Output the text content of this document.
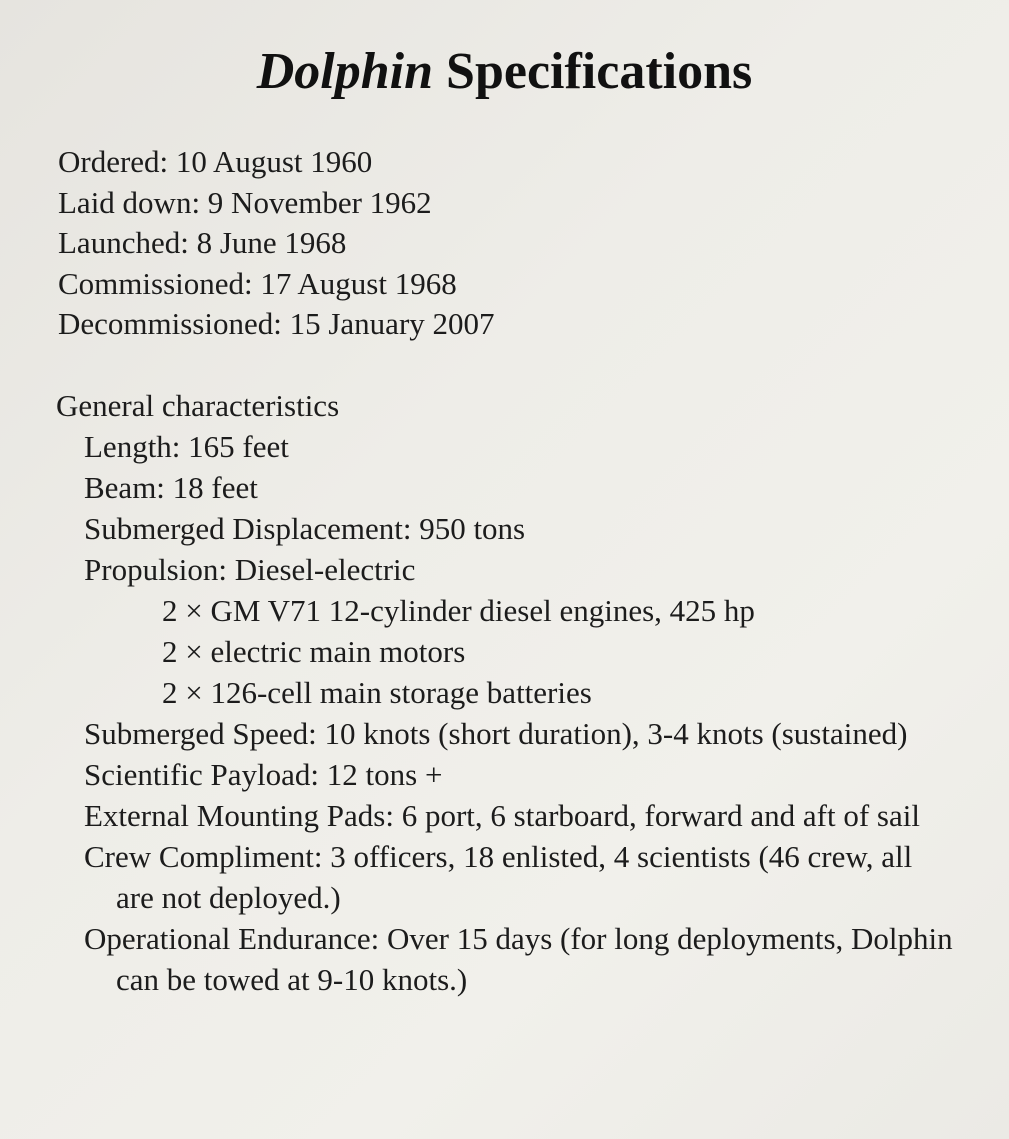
Dolphin Specifications
Ordered: 10 August 1960
Laid down: 9 November 1962
Launched: 8 June 1968
Commissioned: 17 August 1968
Decommissioned: 15 January 2007
General characteristics
Length: 165 feet
Beam: 18 feet
Submerged Displacement: 950 tons
Propulsion: Diesel-electric
2 × GM V71 12-cylinder diesel engines, 425 hp
2 × electric main motors
2 × 126-cell main storage batteries
Submerged Speed: 10 knots (short duration), 3-4 knots (sustained)
Scientific Payload: 12 tons +
External Mounting Pads: 6 port, 6 starboard, forward and aft of sail
Crew Compliment: 3 officers, 18 enlisted, 4 scientists (46 crew, all are not deployed.)
Operational Endurance: Over 15 days (for long deployments, Dolphin can be towed at 9-10 knots.)
